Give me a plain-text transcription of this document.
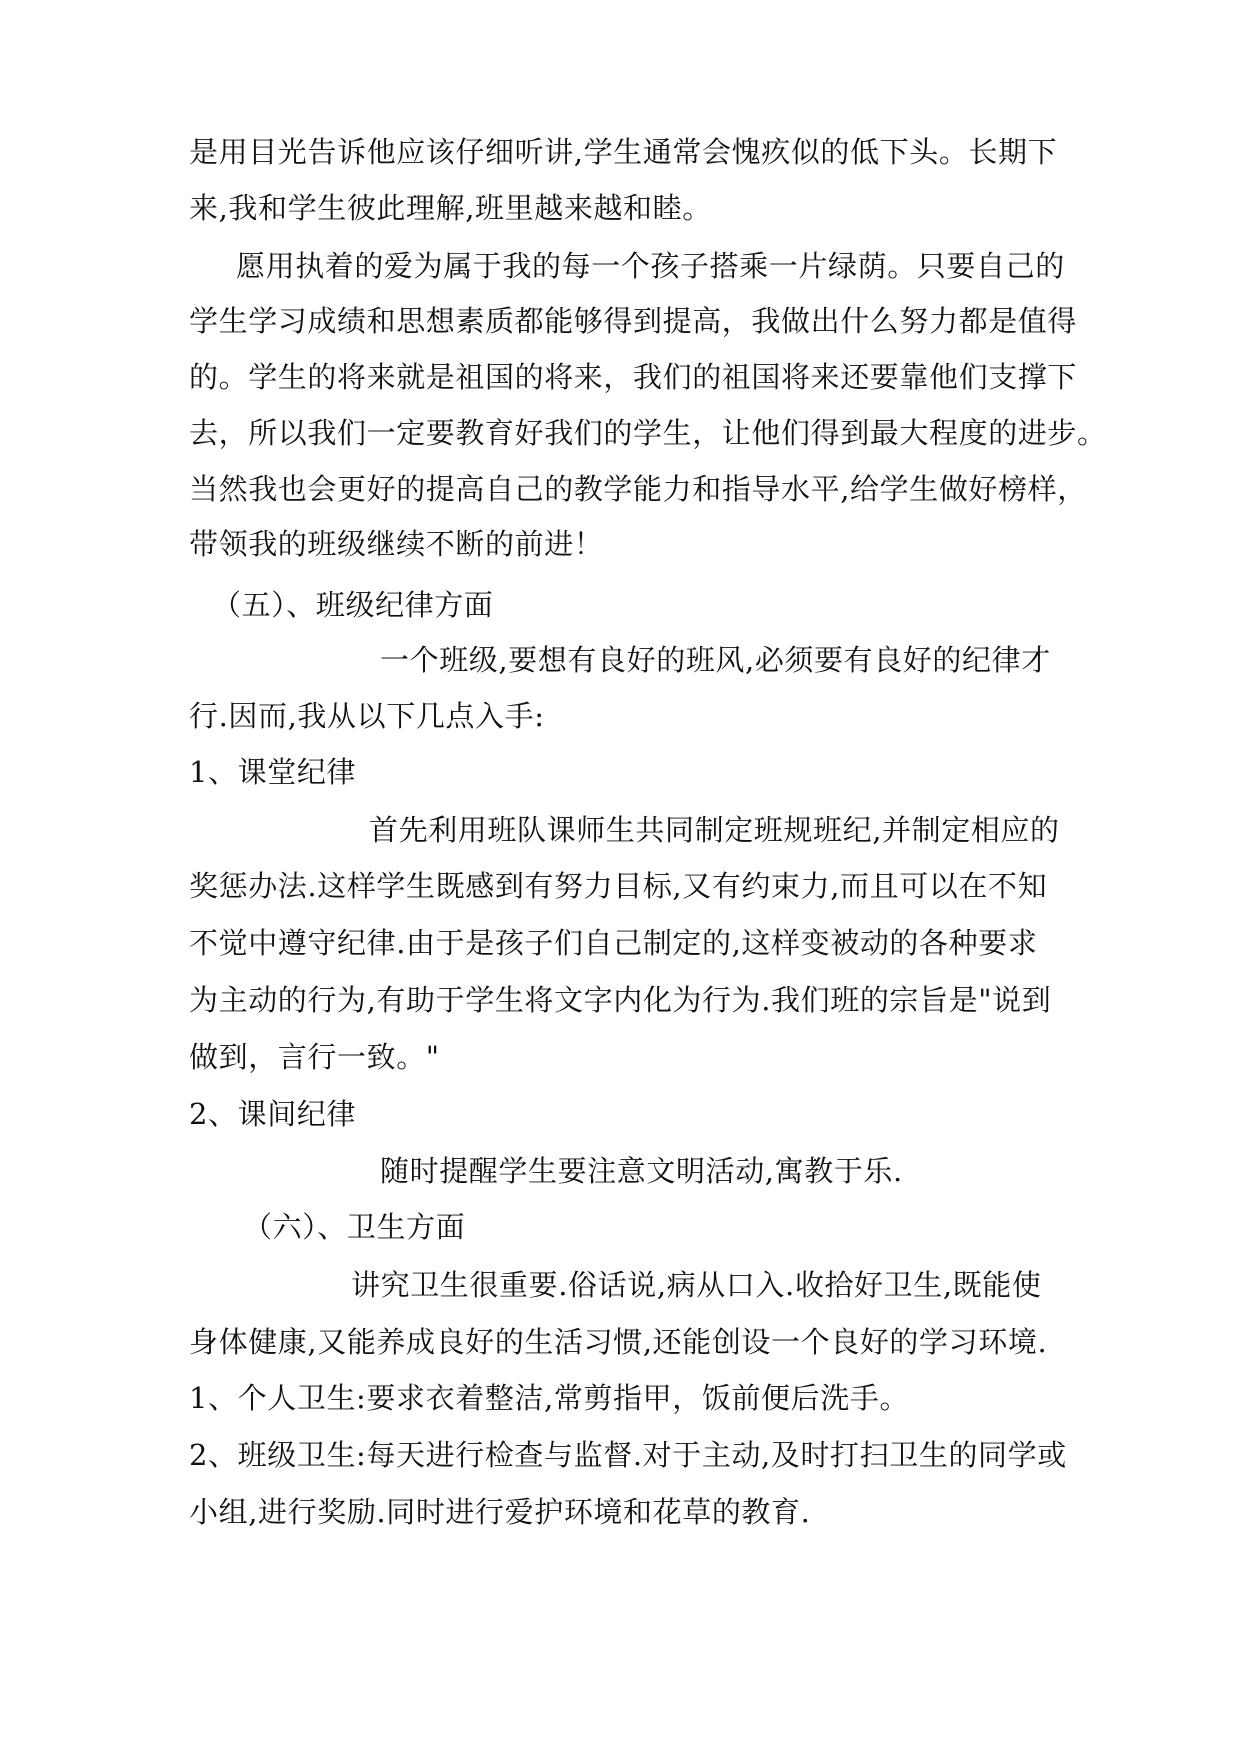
是用目光告诉他应该仔细听讲,学生通常会愧疚似的低下头。长期下
来,我和学生彼此理解,班里越来越和睦。
愿用执着的爱为属于我的每一个孩子搭乘一片绿荫。只要自己的
学生学习成绩和思想素质都能够得到提高，我做出什么努力都是值得
的。学生的将来就是祖国的将来，我们的祖国将来还要靠他们支撑下
去，所以我们一定要教育好我们的学生，让他们得到最大程度的进步。
当然我也会更好的提高自己的教学能力和指导水平,给学生做好榜样，
带领我的班级继续不断的前进！
（五）、班级纪律方面
一个班级,要想有良好的班风,必须要有良好的纪律才
行.因而,我从以下几点入手:
1、课堂纪律
首先利用班队课师生共同制定班规班纪,并制定相应的
奖惩办法.这样学生既感到有努力目标,又有约束力,而且可以在不知
不觉中遵守纪律.由于是孩子们自己制定的,这样变被动的各种要求
为主动的行为,有助于学生将文字内化为行为.我们班的宗旨是"说到
做到，言行一致。"
2、课间纪律
随时提醒学生要注意文明活动,寓教于乐.
（六）、卫生方面
讲究卫生很重要.俗话说,病从口入.收拾好卫生,既能使
身体健康,又能养成良好的生活习惯,还能创设一个良好的学习环境.
1、个人卫生:要求衣着整洁,常剪指甲，饭前便后洗手。
2、班级卫生:每天进行检查与监督.对于主动,及时打扫卫生的同学或
小组,进行奖励.同时进行爱护环境和花草的教育.
